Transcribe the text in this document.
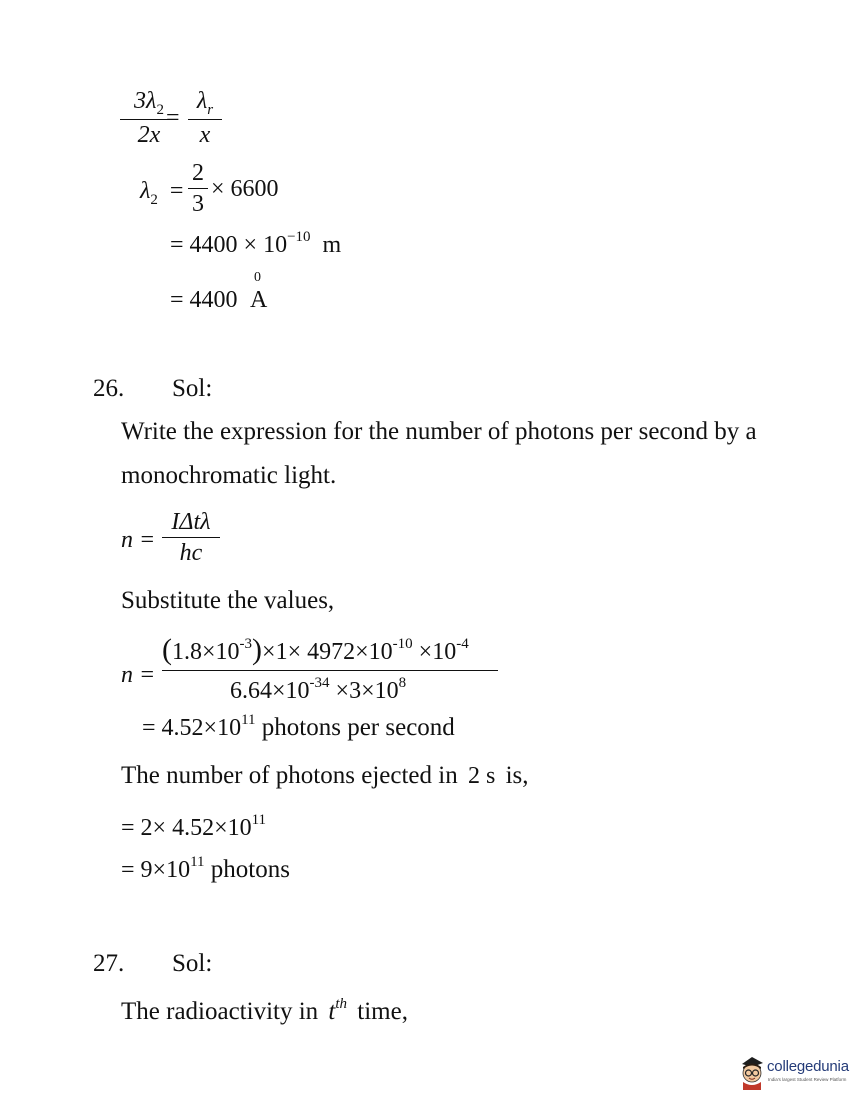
$3\lambda_2$
2x
=
$\lambda_r$
x
$\lambda_2$ =
2
3
× 6600
= $4400 \times 10^{-10}$ m
= 4400
0
A
26. Sol:
Write the expression for the number of photons per second by a
monochromatic light.
n =
IΔtλ
hc
Substitute the values,
n =
$(1.8\times 10^{-3})\times 1\times 4972\times 10^{-10} \times 10^{-4}$
$6.64\times 10^{-34} \times 3\times 10^8$
= $4.52\times 10^{11}$ photons per second
The number of photons ejected in 2 s is,
= $2\times 4.52\times 10^{11}$
= $9\times 10^{11}$ photons
27. Sol:
The radioactivity in $t^{th}$ time,
collegedunia
India's largest Student Review Platform
